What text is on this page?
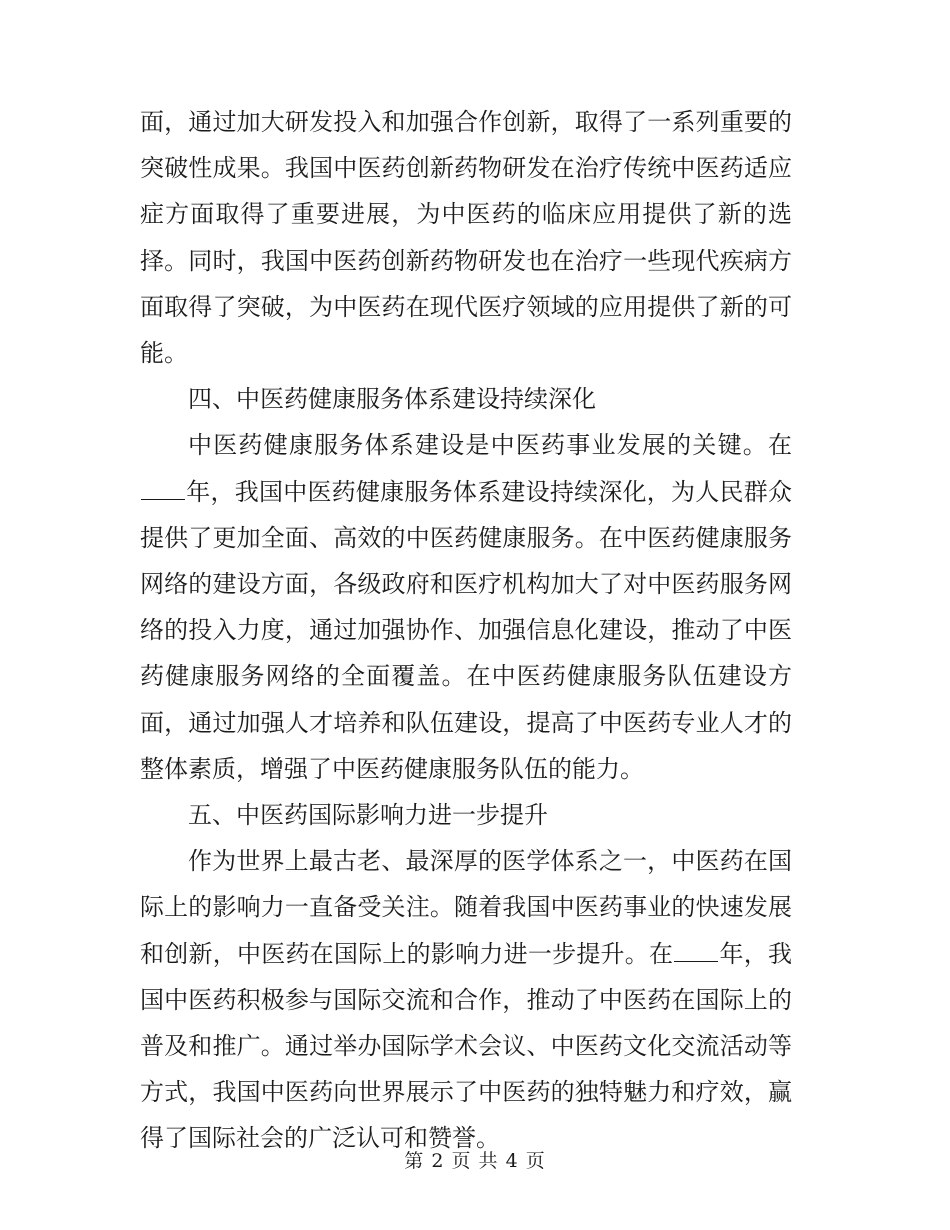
面，通过加大研发投入和加强合作创新，取得了一系列重要的突破性成果。我国中医药创新药物研发在治疗传统中医药适应症方面取得了重要进展，为中医药的临床应用提供了新的选择。同时，我国中医药创新药物研发也在治疗一些现代疾病方面取得了突破，为中医药在现代医疗领域的应用提供了新的可能。

四、中医药健康服务体系建设持续深化

中医药健康服务体系建设是中医药事业发展的关键。在年，我国中医药健康服务体系建设持续深化，为人民群众提供了更加全面、高效的中医药健康服务。在中医药健康服务网络的建设方面，各级政府和医疗机构加大了对中医药服务网络的投入力度，通过加强协作、加强信息化建设，推动了中医药健康服务网络的全面覆盖。在中医药健康服务队伍建设方面，通过加强人才培养和队伍建设，提高了中医药专业人才的整体素质，增强了中医药健康服务队伍的能力。

五、中医药国际影响力进一步提升

作为世界上最古老、最深厚的医学体系之一，中医药在国际上的影响力一直备受关注。随着我国中医药事业的快速发展和创新，中医药在国际上的影响力进一步提升。在 年，我国中医药积极参与国际交流和合作，推动了中医药在国际上的普及和推广。通过举办国际学术会议、中医药文化交流活动等方式，我国中医药向世界展示了中医药的独特魅力和疗效，赢得了国际社会的广泛认可和赞誉。

第 2 页 共 4 页
